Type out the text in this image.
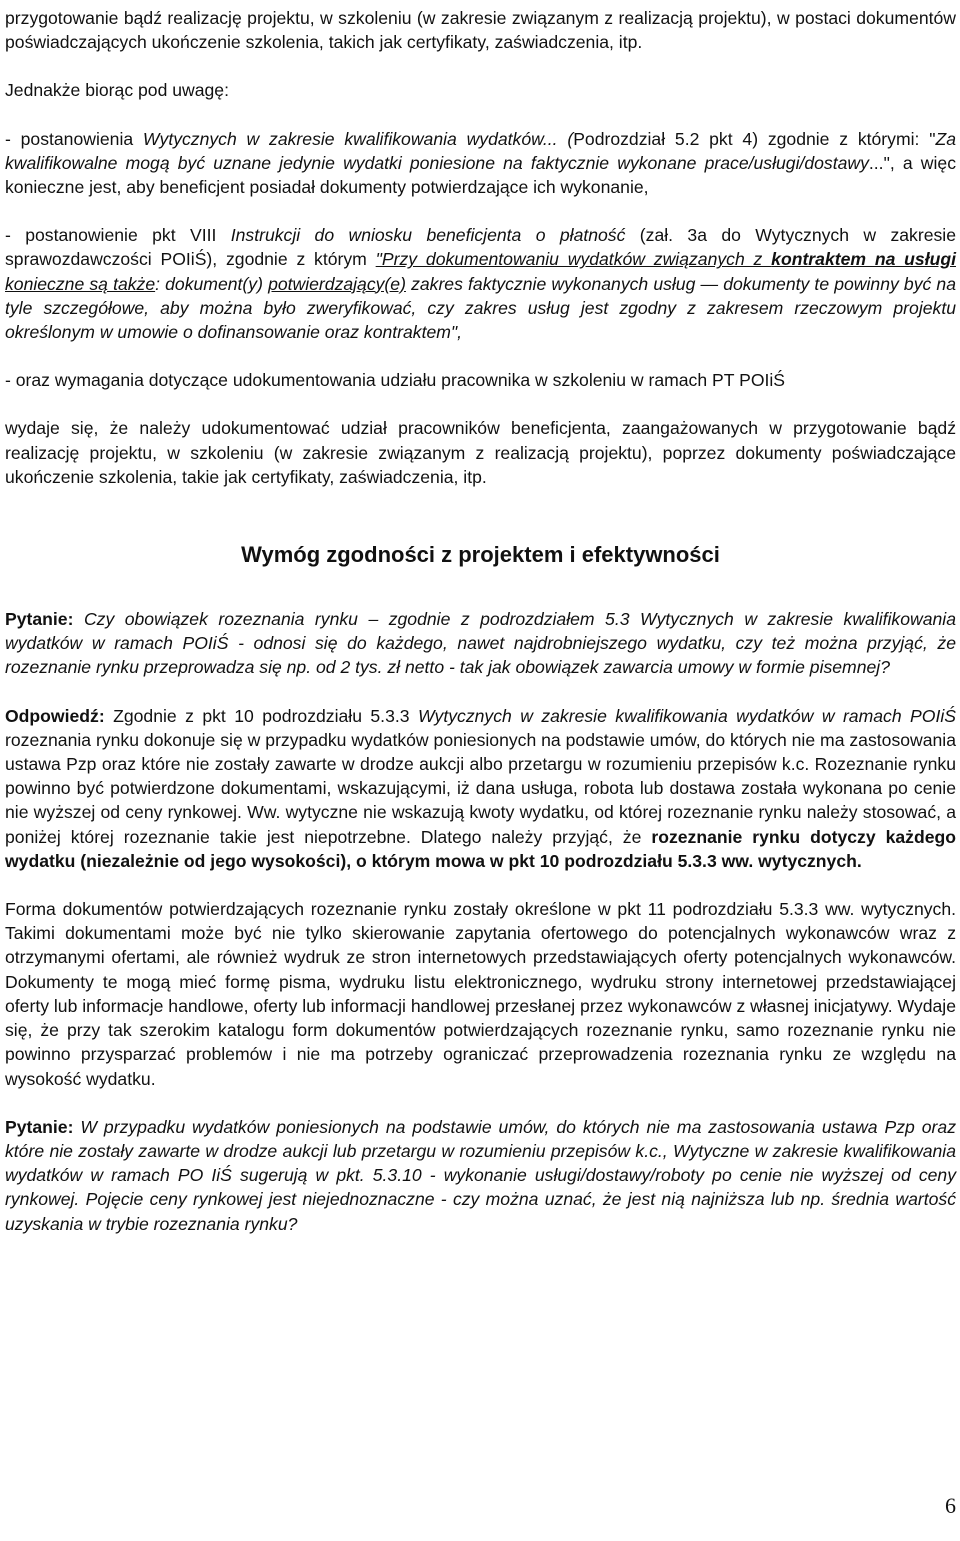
przygotowanie bądź realizację projektu, w szkoleniu (w zakresie związanym z realizacją projektu), w postaci dokumentów poświadczających ukończenie szkolenia, takich jak certyfikaty, zaświadczenia, itp.

Jednakże biorąc pod uwagę:

- postanowienia Wytycznych w zakresie kwalifikowania wydatków... (Podrozdział 5.2 pkt 4) zgodnie z którymi: "Za kwalifikowalne mogą być uznane jedynie wydatki poniesione na faktycznie wykonane prace/usługi/dostawy...", a więc konieczne jest, aby beneficjent posiadał dokumenty potwierdzające ich wykonanie,

- postanowienie pkt VIII Instrukcji do wniosku beneficjenta o płatność (zał. 3a do Wytycznych w zakresie sprawozdawczości POIiŚ), zgodnie z którym "Przy dokumentowaniu wydatków związanych z kontraktem na usługi konieczne są także: dokument(y) potwierdzający(e) zakres faktycznie wykonanych usług — dokumenty te powinny być na tyle szczegółowe, aby można było zweryfikować, czy zakres usług jest zgodny z zakresem rzeczowym projektu określonym w umowie o dofinansowanie oraz kontraktem",

- oraz wymagania dotyczące udokumentowania udziału pracownika w szkoleniu w ramach PT POIiŚ

wydaje się, że należy udokumentować udział pracowników beneficjenta, zaangażowanych w przygotowanie bądź realizację projektu, w szkoleniu (w zakresie związanym z realizacją projektu), poprzez dokumenty poświadczające ukończenie szkolenia, takie jak certyfikaty, zaświadczenia, itp.

Wymóg zgodności z projektem i efektywności

Pytanie: Czy obowiązek rozeznania rynku – zgodnie z podrozdziałem 5.3 Wytycznych w zakresie kwalifikowania wydatków w ramach POIiŚ - odnosi się do każdego, nawet najdrobniejszego wydatku, czy też można przyjąć, że rozeznanie rynku przeprowadza się np. od 2 tys. zł netto - tak jak obowiązek zawarcia umowy w formie pisemnej?

Odpowiedź: Zgodnie z pkt 10 podrozdziału 5.3.3 Wytycznych w zakresie kwalifikowania wydatków w ramach POIiŚ rozeznania rynku dokonuje się w przypadku wydatków poniesionych na podstawie umów, do których nie ma zastosowania ustawa Pzp oraz które nie zostały zawarte w drodze aukcji albo przetargu w rozumieniu przepisów k.c. Rozeznanie rynku powinno być potwierdzone dokumentami, wskazującymi, iż dana usługa, robota lub dostawa została wykonana po cenie nie wyższej od ceny rynkowej. Ww. wytyczne nie wskazują kwoty wydatku, od której rozeznanie rynku należy stosować, a poniżej której rozeznanie takie jest niepotrzebne. Dlatego należy przyjąć, że rozeznanie rynku dotyczy każdego wydatku (niezależnie od jego wysokości), o którym mowa w pkt 10 podrozdziału 5.3.3 ww. wytycznych.

Forma dokumentów potwierdzających rozeznanie rynku zostały określone w pkt 11 podrozdziału 5.3.3 ww. wytycznych. Takimi dokumentami może być nie tylko skierowanie zapytania ofertowego do potencjalnych wykonawców wraz z otrzymanymi ofertami, ale również wydruk ze stron internetowych przedstawiających oferty potencjalnych wykonawców. Dokumenty te mogą mieć formę pisma, wydruku listu elektronicznego, wydruku strony internetowej przedstawiającej oferty lub informacje handlowe, oferty lub informacji handlowej przesłanej przez wykonawców z własnej inicjatywy. Wydaje się, że przy tak szerokim katalogu form dokumentów potwierdzających rozeznanie rynku, samo rozeznanie rynku nie powinno przysparzać problemów i nie ma potrzeby ograniczać przeprowadzenia rozeznania rynku ze względu na wysokość wydatku.

Pytanie: W przypadku wydatków poniesionych na podstawie umów, do których nie ma zastosowania ustawa Pzp oraz które nie zostały zawarte w drodze aukcji lub przetargu w rozumieniu przepisów k.c., Wytyczne w zakresie kwalifikowania wydatków w ramach PO IiŚ sugerują w pkt. 5.3.10 - wykonanie usługi/dostawy/roboty po cenie nie wyższej od ceny rynkowej. Pojęcie ceny rynkowej jest niejednoznaczne - czy można uznać, że jest nią najniższa lub np. średnia wartość uzyskania w trybie rozeznania rynku?

6
